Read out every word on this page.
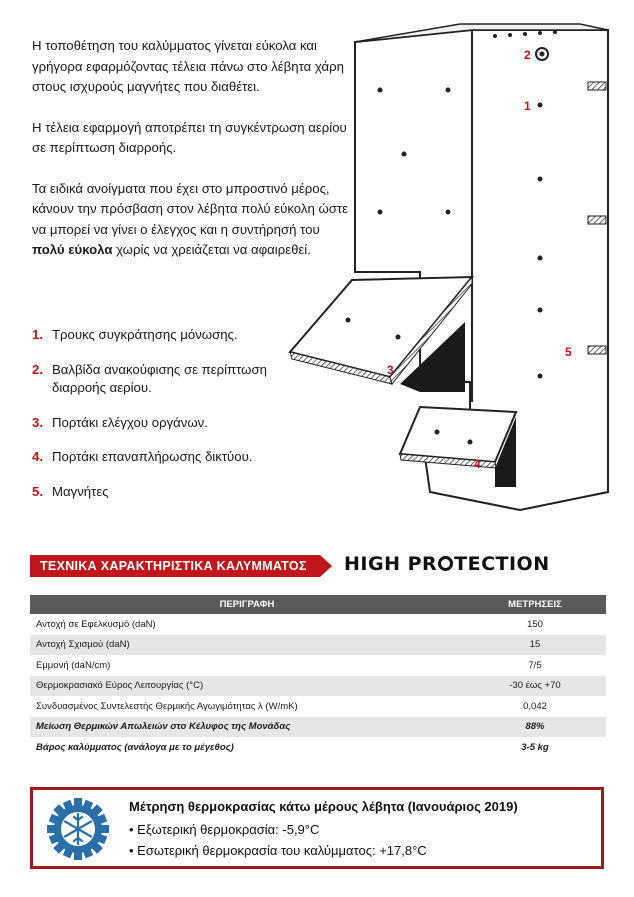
Η τοποθέτηση του καλύμματος γίνεται εύκολα και γρήγορα εφαρμόζοντας τέλεια πάνω στο λέβητα χάρη στους ισχυρούς μαγνήτες που διαθέτει.

Η τέλεια εφαρμογή αποτρέπει τη συγκέντρωση αερίου σε περίπτωση διαρροής.

Τα ειδικά ανοίγματα που έχει στο μπροστινό μέρος, κάνουν την πρόσβαση στον λέβητα πολύ εύκολη ώστε να μπορεί να γίνει ο έλεγχος και η συντήρησή του πολύ εύκολα χωρίς να χρειάζεται να αφαιρεθεί.

1. Τρουκς συγκράτησης μόνωσης.
2. Βαλβίδα ανακούφισης σε περίπτωση διαρροής αερίου.
3. Πορτάκι ελέγχου οργάνων.
4. Πορτάκι επαναπλήρωσης δικτύου.
5. Μαγνήτες
2
1
3
4
5
ΤΕΧΝΙΚΑ ΧΑΡΑΚΤΗΡΙΣΤΙΚΑ ΚΑΛΥΜΜΑΤΟΣ HIGH PR TECTION
ΠΕΡΙΓΡΑΦΗ	ΜΕΤΡΗΣΕΙΣ
Αντοχή σε Εφελκυσμό (daN)	150
Αντοχή Σχισμού (daN)	15
Εμμονή (daN/cm)	7/5
Θερμοκρασιακό Εύρος Λειτουργίας (°C)	-30 έως +70
Συνδυασμένος Συντελεστής Θερμικής Αγωγιμότητας λ (W/mK)	0,042
Μείωση Θερμικών Απωλειών στο Κέλυφος της Μονάδας	88%
Βάρος καλύμματος (ανάλογα με το μέγεθος)	3-5 kg
Μέτρηση θερμοκρασίας κάτω μέρους λέβητα (Ιανουάριος 2019)
• Εξωτερική θερμοκρασία: -5,9°C
• Εσωτερική θερμοκρασία του καλύμματος: +17,8°C
